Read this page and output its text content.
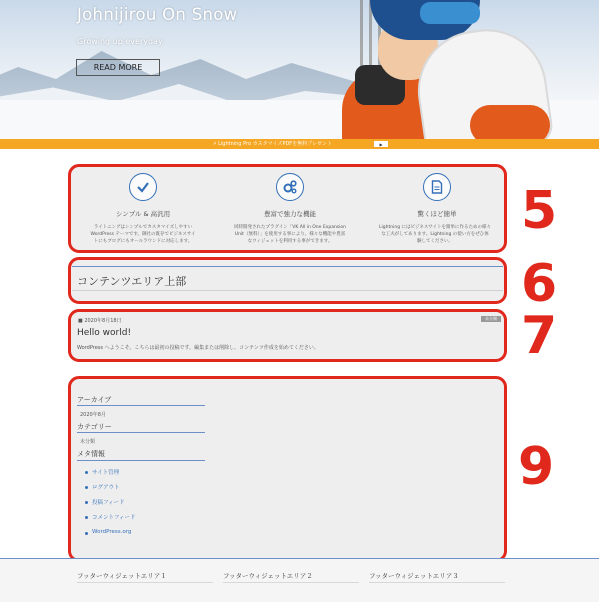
Johnijirou On Snow
Growing up everyday
READ MORE
⚡ Lightning Pro カスタマイズPDFを無料プレゼント	▶
シンプル & 高汎用
ライトニングはシンプルでカスタマイズしやすい
WordPress テーマです。御社の既存でビジネスサイ
トにもブログにもオールラウンドに対応します。
豊富で強力な機能
同時開発されたプラグイン「VK All in One Expansion
Unit（無料）」を使用する事により、様々な機能や豊富
なウィジェットを利用する事ができます。
驚くほど簡単
Lightning にはビジネスサイトを簡単に作るための様々
な工夫がしてあります。Lightning の使い方をぜひ体
験してください。
コンテンツエリア上部
■ 2020年8月18日	未分類
Hello world!
WordPress へようこそ。こちらは最初の投稿です。編集または削除し、コンテンツ作成を始めてください。
アーカイブ
2020年8月
カテゴリー
未分類
メタ情報
サイト管理
ログアウト
投稿フィード
コメントフィード
WordPress.org
5
6
7
9
フッターウィジェットエリア１	フッターウィジェットエリア２	フッターウィジェットエリア３
